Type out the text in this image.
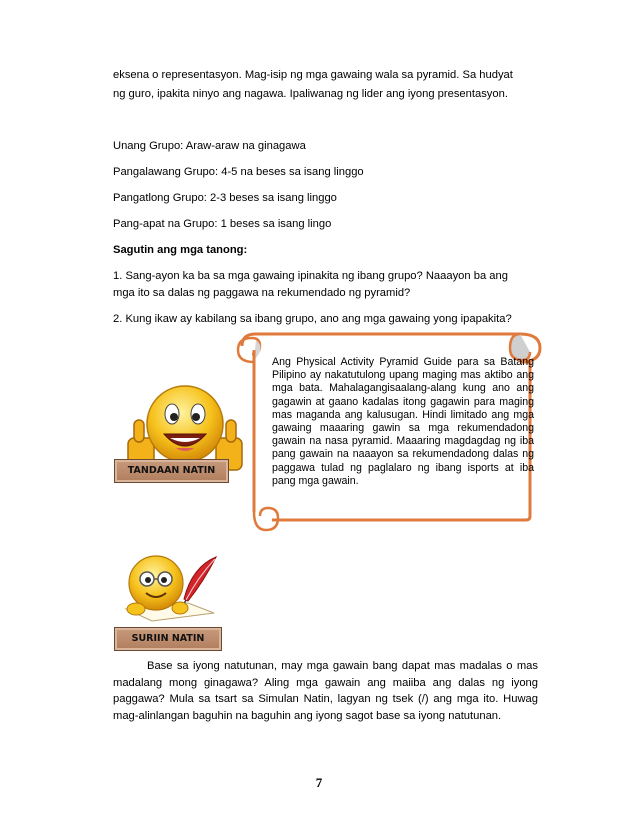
eksena o representasyon. Mag-isip ng mga gawaing wala sa pyramid. Sa hudyat
ng guro, ipakita ninyo ang nagawa. Ipaliwanag ng lider ang iyong presentasyon.
Unang Grupo: Araw-araw na ginagawa
Pangalawang Grupo: 4-5 na beses sa isang linggo
Pangatlong Grupo: 2-3 beses sa isang linggo
Pang-apat na Grupo: 1 beses sa isang lingo
Sagutin ang mga tanong:
1. Sang-ayon ka ba sa mga gawaing ipinakita ng ibang grupo? Naaayon ba ang
mga ito sa dalas ng paggawa na rekumendado ng pyramid?
2. Kung ikaw ay kabilang sa ibang grupo, ano ang mga gawaing yong ipapakita?
Ang Physical Activity Pyramid Guide para sa Batang Pilipino ay nakatutulong upang maging mas aktibo ang mga bata. Mahalagangisaalang-alang kung ano ang gagawin at gaano kadalas itong gagawin para maging mas maganda ang kalusugan. Hindi limitado ang mga gawaing maaaring gawin sa mga rekumendadong gawain na nasa pyramid. Maaaring magdagdag ng iba pang gawain na naaayon sa rekumendadong dalas ng paggawa tulad ng paglalaro ng ibang isports at iba pang mga gawain.
TANDAAN NATIN
SURIIN NATIN
Base sa iyong natutunan, may mga gawain bang dapat mas madalas o mas madalang mong ginagawa? Aling mga gawain ang maiiba ang dalas ng iyong paggawa? Mula sa tsart sa Simulan Natin, lagyan ng tsek (/) ang mga ito. Huwag mag-alinlangan baguhin na baguhin ang iyong sagot base sa iyong natutunan.
7
